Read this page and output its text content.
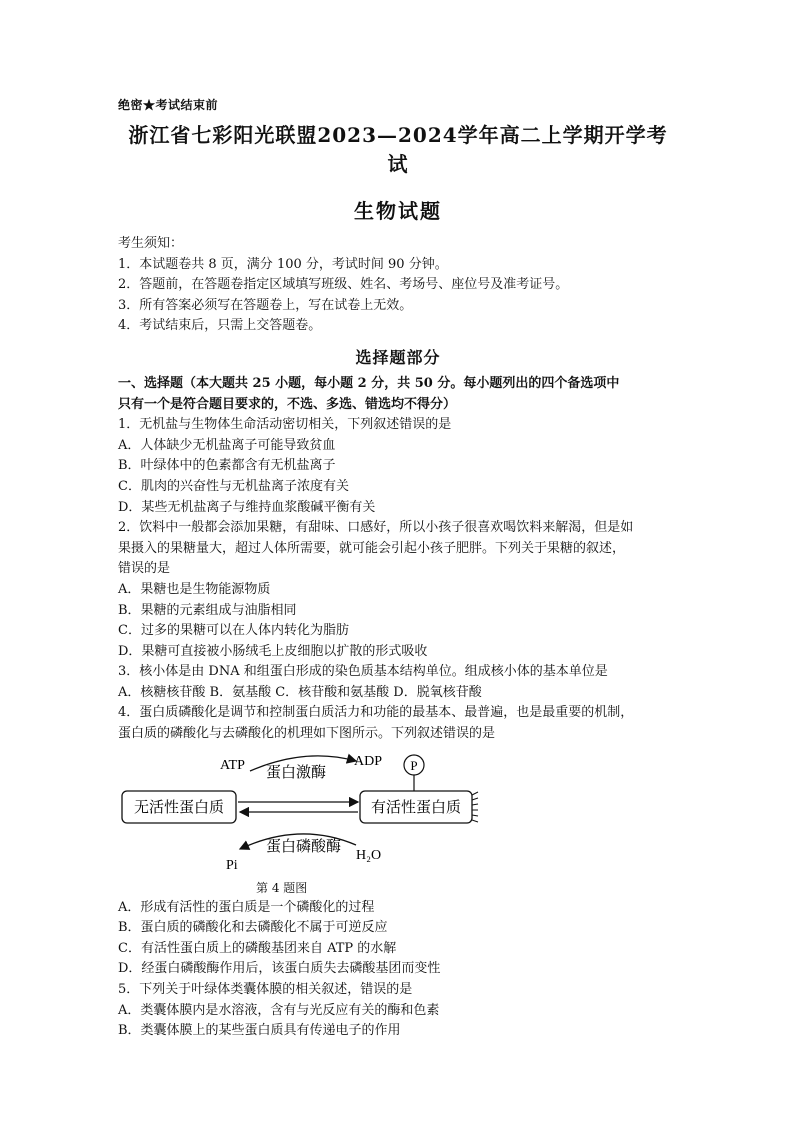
绝密★考试结束前

浙江省七彩阳光联盟2023—2024学年高二上学期开学考试

生物试题

考生须知：

1．本试题卷共 8 页，满分 100 分，考试时间 90 分钟。

2．答题前，在答题卷指定区域填写班级、姓名、考场号、座位号及准考证号。

3．所有答案必须写在答题卷上，写在试卷上无效。

4．考试结束后，只需上交答题卷。

选择题部分

一、选择题（本大题共 25 小题，每小题 2 分，共 50 分。每小题列出的四个备选项中

只有一个是符合题目要求的，不选、多选、错选均不得分）

1．无机盐与生物体生命活动密切相关，下列叙述错误的是

A．人体缺少无机盐离子可能导致贫血

B．叶绿体中的色素都含有无机盐离子

C．肌肉的兴奋性与无机盐离子浓度有关

D．某些无机盐离子与维持血浆酸碱平衡有关

2．饮料中一般都会添加果糖，有甜味、口感好，所以小孩子很喜欢喝饮料来解渴，但是如

果摄入的果糖量大，超过人体所需要，就可能会引起小孩子肥胖。下列关于果糖的叙述，

错误的是

A．果糖也是生物能源物质

B．果糖的元素组成与油脂相同

C．过多的果糖可以在人体内转化为脂肪

D．果糖可直接被小肠绒毛上皮细胞以扩散的形式吸收

3．核小体是由 DNA 和组蛋白形成的染色质基本结构单位。组成核小体的基本单位是

A．核糖核苷酸 B．氨基酸 C．核苷酸和氨基酸 D．脱氧核苷酸

4．蛋白质磷酸化是调节和控制蛋白质活力和功能的最基本、最普遍，也是最重要的机制，

蛋白质的磷酸化与去磷酸化的机理如下图所示。下列叙述错误的是

ATP	ADP
蛋白激酶	P
无活性蛋白质	有活性蛋白质
蛋白磷酸酶
Pi
H₂O

第 4 题图

A．形成有活性的蛋白质是一个磷酸化的过程

B．蛋白质的磷酸化和去磷酸化不属于可逆反应

C．有活性蛋白质上的磷酸基团来自 ATP 的水解

D．经蛋白磷酸酶作用后，该蛋白质失去磷酸基团而变性

5．下列关于叶绿体类囊体膜的相关叙述，错误的是

A．类囊体膜内是水溶液，含有与光反应有关的酶和色素

B．类囊体膜上的某些蛋白质具有传递电子的作用
